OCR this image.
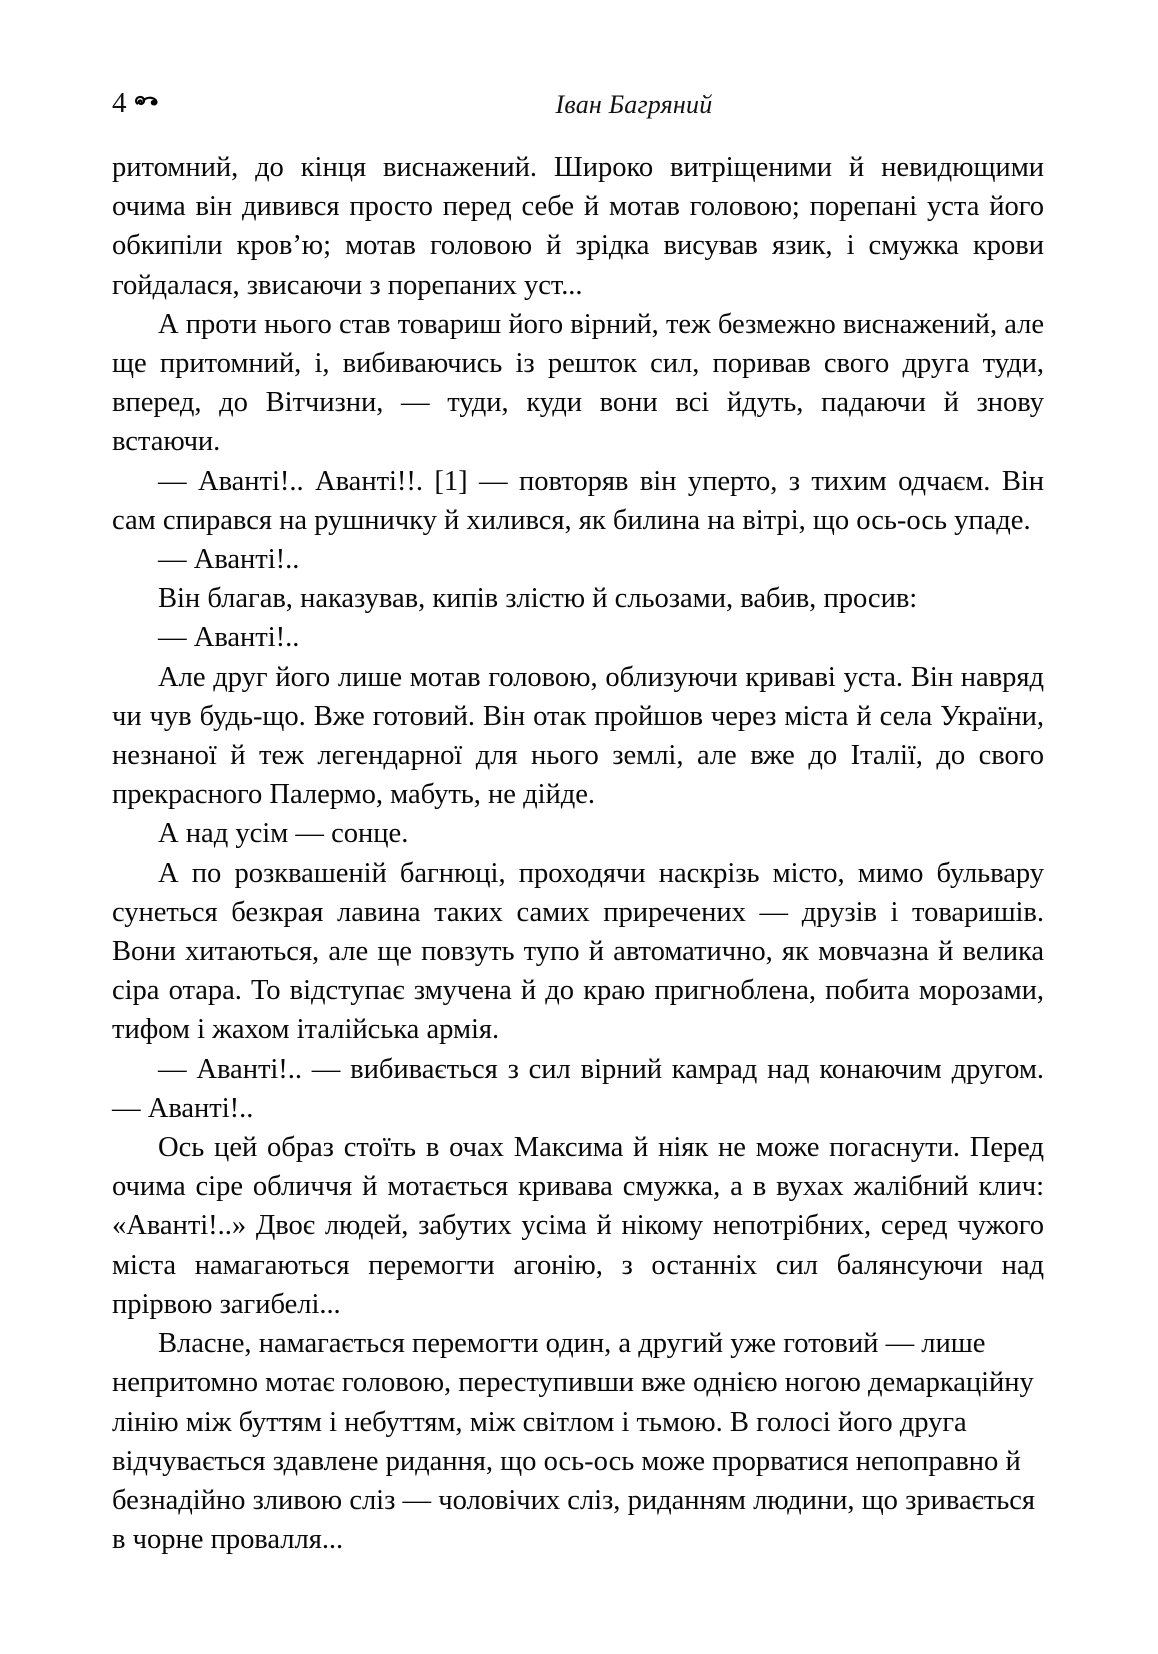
4	Іван Багряний

ритомний, до кінця виснажений. Широко витріщеними й невидющими очима він дивився просто перед себе й мотав головою; порепані уста його обкипіли кров’ю; мотав головою й зрідка висував язик, і смужка крови гойдалася, звисаючи з порепаних уст...

А проти нього став товариш його вірний, теж безмежно виснажений, але ще притомний, і, вибиваючись із решток сил, поривав свого друга туди, вперед, до Вітчизни, — туди, куди вони всі йдуть, падаючи й знову встаючи.

— Аванті!.. Аванті!!. [1] — повторяв він уперто, з тихим одчаєм. Він сам спирався на рушничку й хилився, як билина на вітрі, що ось-ось упаде.

— Аванті!..

Він благав, наказував, кипів злістю й сльозами, вабив, просив:

— Аванті!..

Але друг його лише мотав головою, облизуючи криваві уста. Він навряд чи чув будь-що. Вже готовий. Він отак пройшов через міста й села України, незнаної й теж легендарної для нього землі, але вже до Італії, до свого прекрасного Палермо, мабуть, не дійде.

А над усім — сонце.

А по розквашеній багнюці, проходячи наскрізь місто, мимо бульвару сунеться безкрая лавина таких самих приречених — друзів і товаришів. Вони хитаються, але ще повзуть тупо й автоматично, як мовчазна й велика сіра отара. То відступає змучена й до краю пригноблена, побита морозами, тифом і жахом італійська армія.

— Аванті!.. — вибивається з сил вірний камрад над конаючим другом. — Аванті!..

Ось цей образ стоїть в очах Максима й ніяк не може погаснути. Перед очима сіре обличчя й мотається кривава смужка, а в вухах жалібний клич: «Аванті!..» Двоє людей, забутих усіма й нікому непотрібних, серед чужого міста намагаються перемогти агонію, з останніх сил балянсуючи над прірвою загибелі...

Власне, намагається перемогти один, а другий уже готовий — лише непритомно мотає головою, переступивши вже однією ногою демаркаційну лінію між буттям і небуттям, між світлом і тьмою. В голосі його друга відчувається здавлене ридання, що ось-ось може прорватися непоправно й безнадійно зливою сліз — чоловічих сліз, риданням людини, що зривається в чорне провалля...
